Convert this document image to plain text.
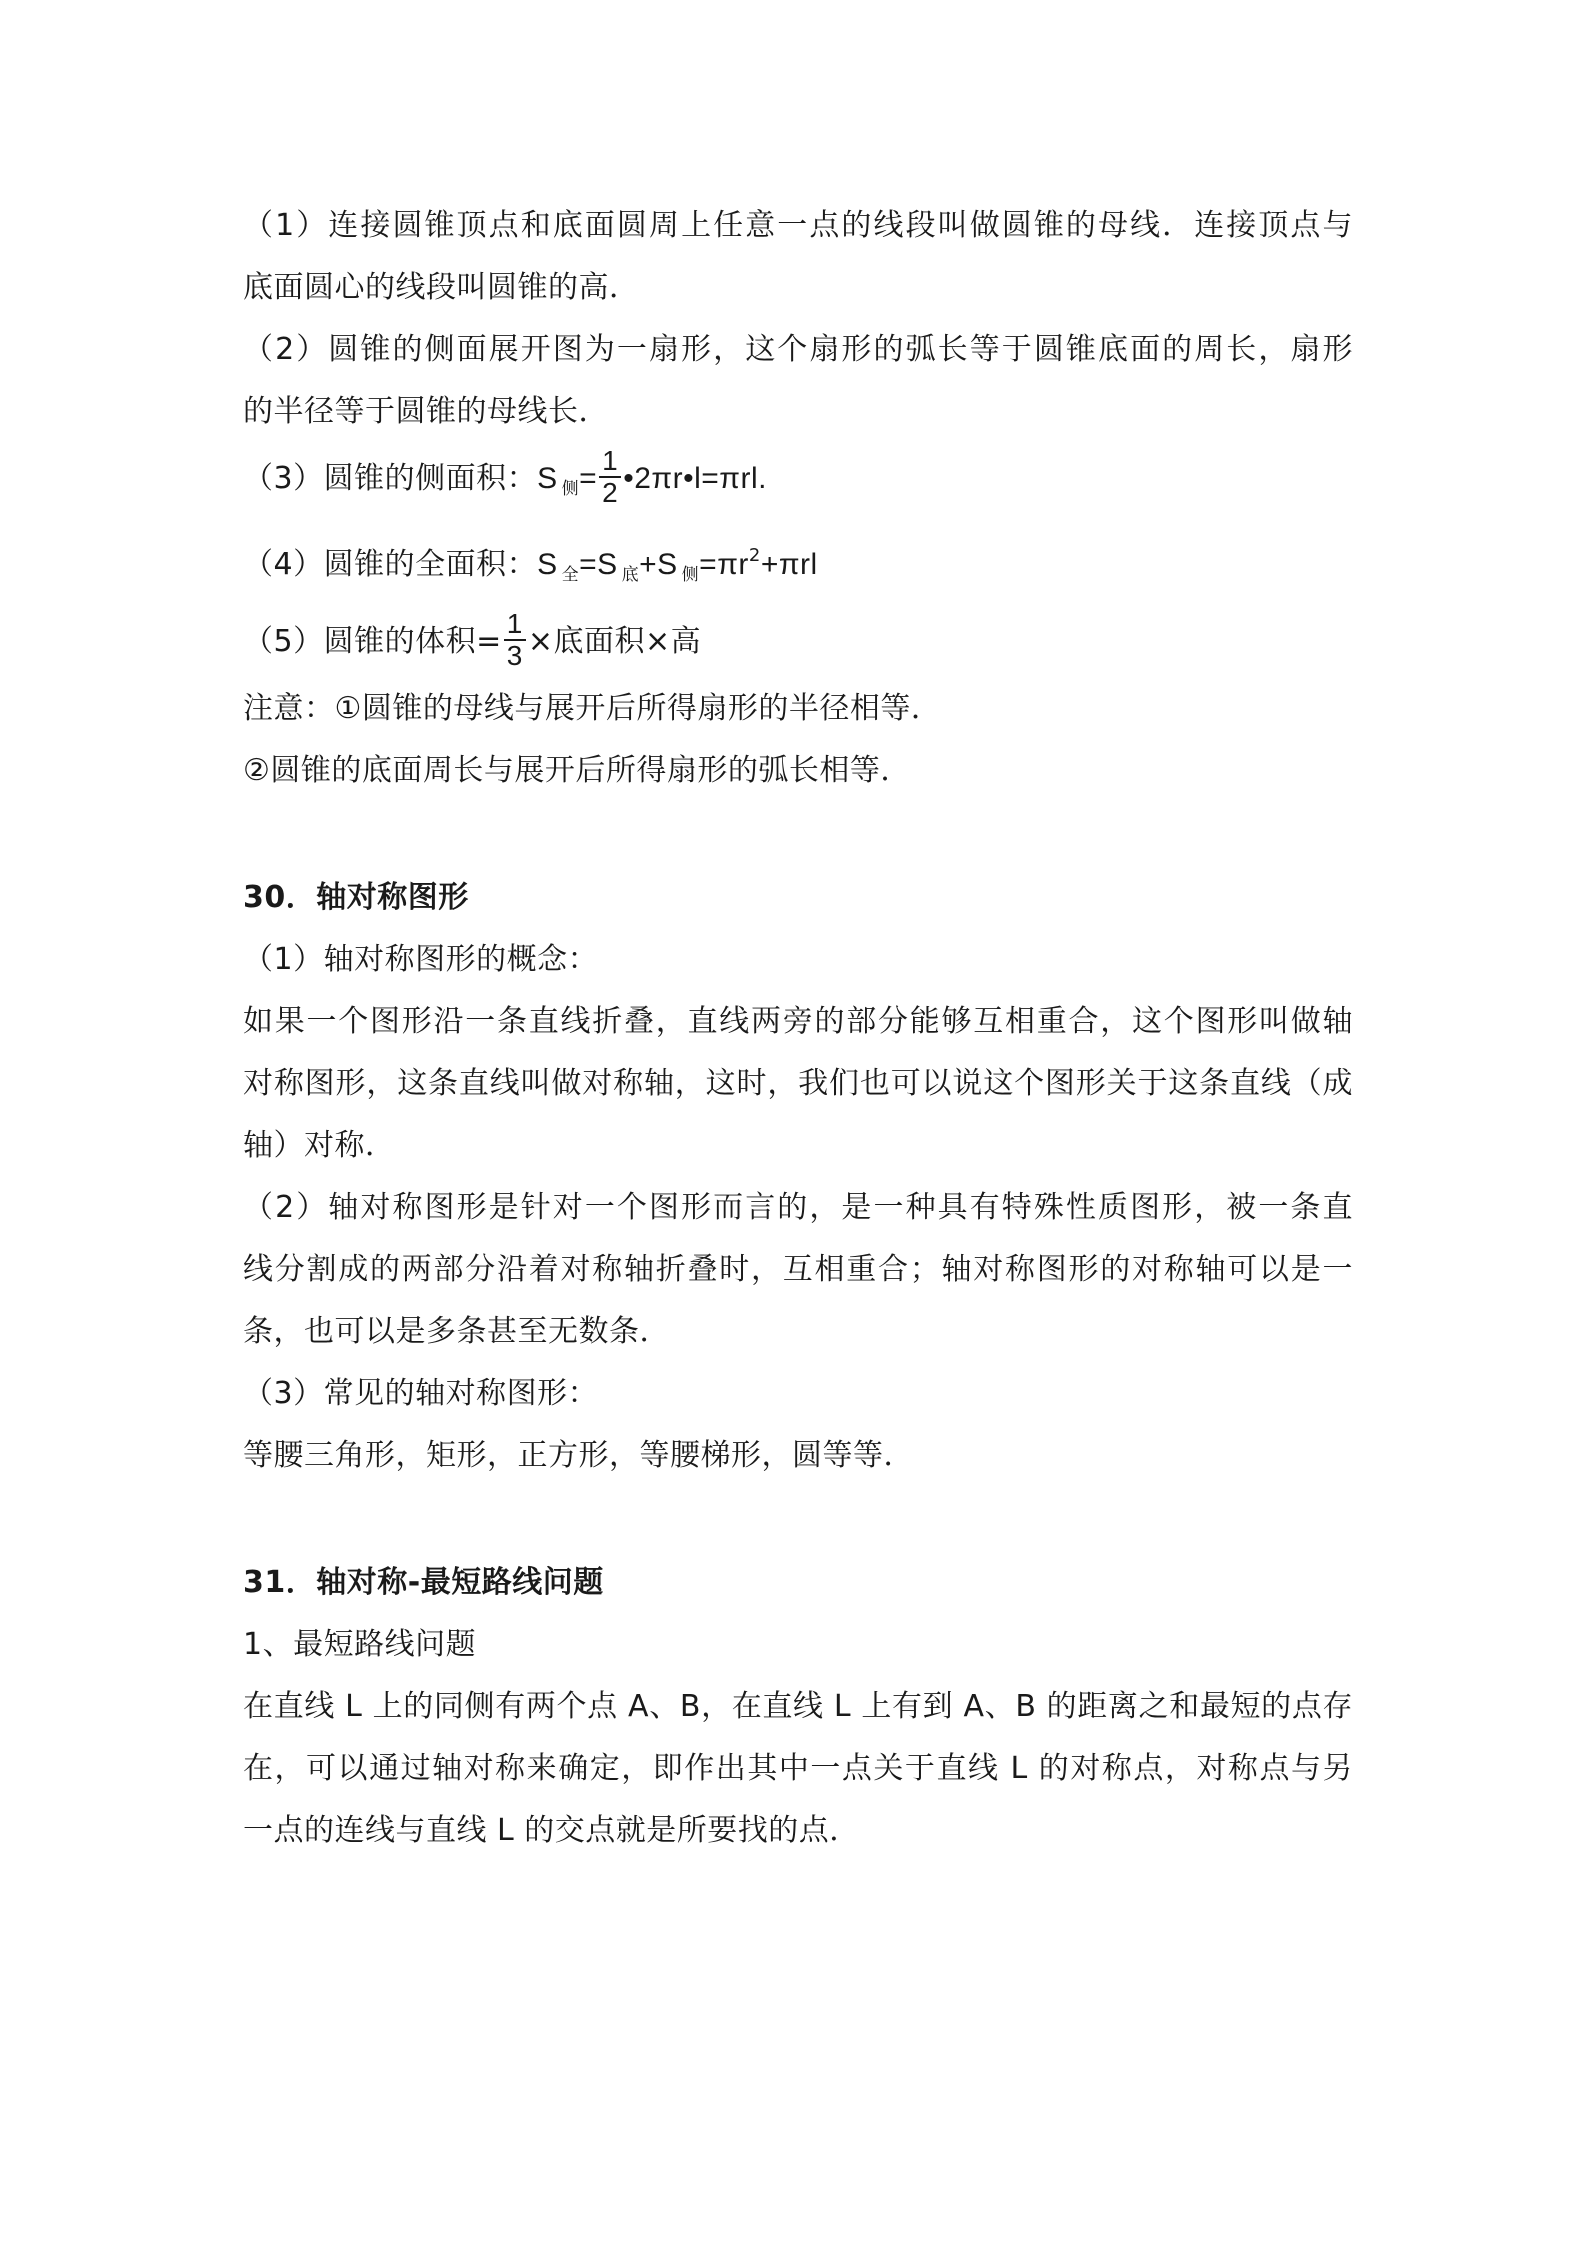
（1）连接圆锥顶点和底面圆周上任意一点的线段叫做圆锥的母线．连接顶点与
底面圆心的线段叫圆锥的高．
（2）圆锥的侧面展开图为一扇形，这个扇形的弧长等于圆锥底面的周长，扇形
的半径等于圆锥的母线长．
（3）圆锥的侧面积：S $_侧= \frac{1}{2}$ •2πr•l=πrl.
（4）圆锥的全面积：S $_全$=S $_底$+S $_侧=\pi r^2+\pi rl$
（5）圆锥的体积= $\frac{1}{3}$ ×底面积×高
注意：①圆锥的母线与展开后所得扇形的半径相等．
②圆锥的底面周长与展开后所得扇形的弧长相等．
30．轴对称图形
（1）轴对称图形的概念：
如果一个图形沿一条直线折叠，直线两旁的部分能够互相重合，这个图形叫做轴
对称图形，这条直线叫做对称轴，这时，我们也可以说这个图形关于这条直线（成
轴）对称．
（2）轴对称图形是针对一个图形而言的，是一种具有特殊性质图形，被一条直
线分割成的两部分沿着对称轴折叠时，互相重合；轴对称图形的对称轴可以是一
条，也可以是多条甚至无数条．
（3）常见的轴对称图形：
等腰三角形，矩形，正方形，等腰梯形，圆等等．
31．轴对称-最短路线问题
1、最短路线问题
在直线 L 上的同侧有两个点 A、B，在直线 L 上有到 A、B 的距离之和最短的点存
在，可以通过轴对称来确定，即作出其中一点关于直线 L 的对称点，对称点与另
一点的连线与直线 L 的交点就是所要找的点．
